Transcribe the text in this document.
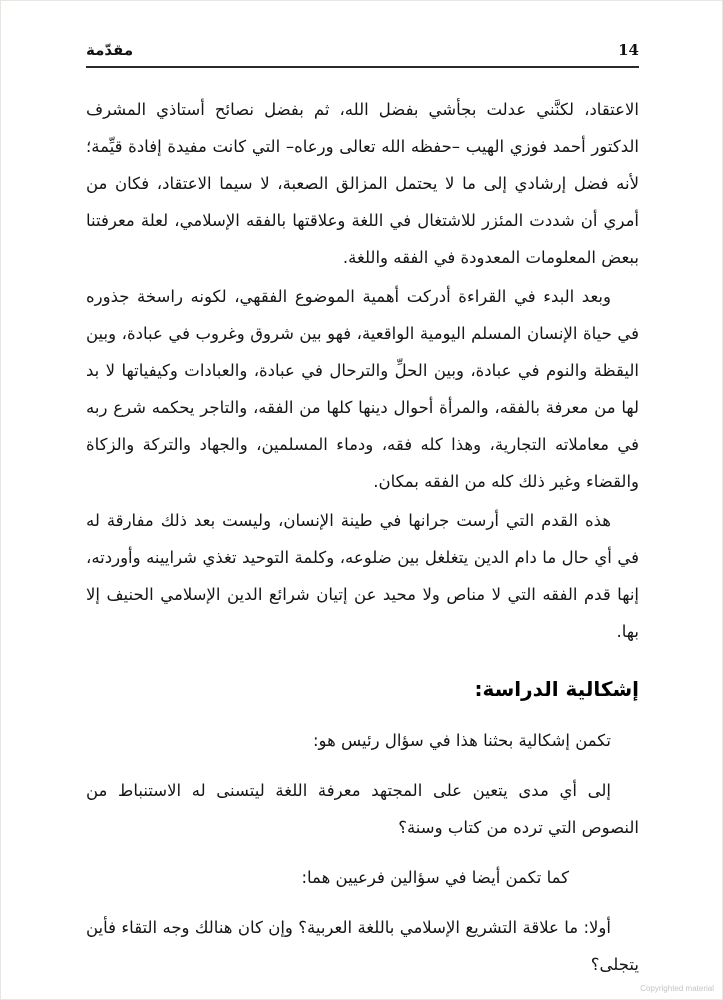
مقدّمة	14

الاعتقاد، لكنَّني عدلت بجأشي بفضل الله، ثم بفضل نصائح أستاذي المشرف الدكتور أحمد فوزي الهيب –حفظه الله تعالى ورعاه– التي كانت مفيدة إفادة قيِّمة؛ لأنه فضل إرشادي إلى ما لا يحتمل المزالق الصعبة، لا سيما الاعتقاد، فكان من أمري أن شددت المئزر للاشتغال في اللغة وعلاقتها بالفقه الإسلامي، لعلة معرفتنا ببعض المعلومات المعدودة في الفقه واللغة.

وبعد البدء في القراءة أدركت أهمية الموضوع الفقهي، لكونه راسخة جذوره في حياة الإنسان المسلم اليومية الواقعية، فهو بين شروق وغروب في عبادة، وبين اليقظة والنوم في عبادة، وبين الحلِّ والترحال في عبادة، والعبادات وكيفياتها لا بد لها من معرفة بالفقه، والمرأة أحوال دينها كلها من الفقه، والتاجر يحكمه شرع ربه في معاملاته التجارية، وهذا كله فقه، ودماء المسلمين، والجهاد والتركة والزكاة والقضاء وغير ذلك كله من الفقه بمكان.

هذه القدم التي أرست جرانها في طينة الإنسان، وليست بعد ذلك مفارقة له في أي حال ما دام الدين يتغلغل بين ضلوعه، وكلمة التوحيد تغذي شرايينه وأوردته، إنها قدم الفقه التي لا مناص ولا محيد عن إتيان شرائع الدين الإسلامي الحنيف إلا بها.

إشكالية الدراسة:

تكمن إشكالية بحثنا هذا في سؤال رئيس هو:

إلى أي مدى يتعين على المجتهد معرفة اللغة ليتسنى له الاستنباط من النصوص التي ترده من كتاب وسنة؟

كما تكمن أيضا في سؤالين فرعيين هما:

أولا: ما علاقة التشريع الإسلامي باللغة العربية؟ وإن كان هنالك وجه التقاء فأين يتجلى؟

Copyrighted material
